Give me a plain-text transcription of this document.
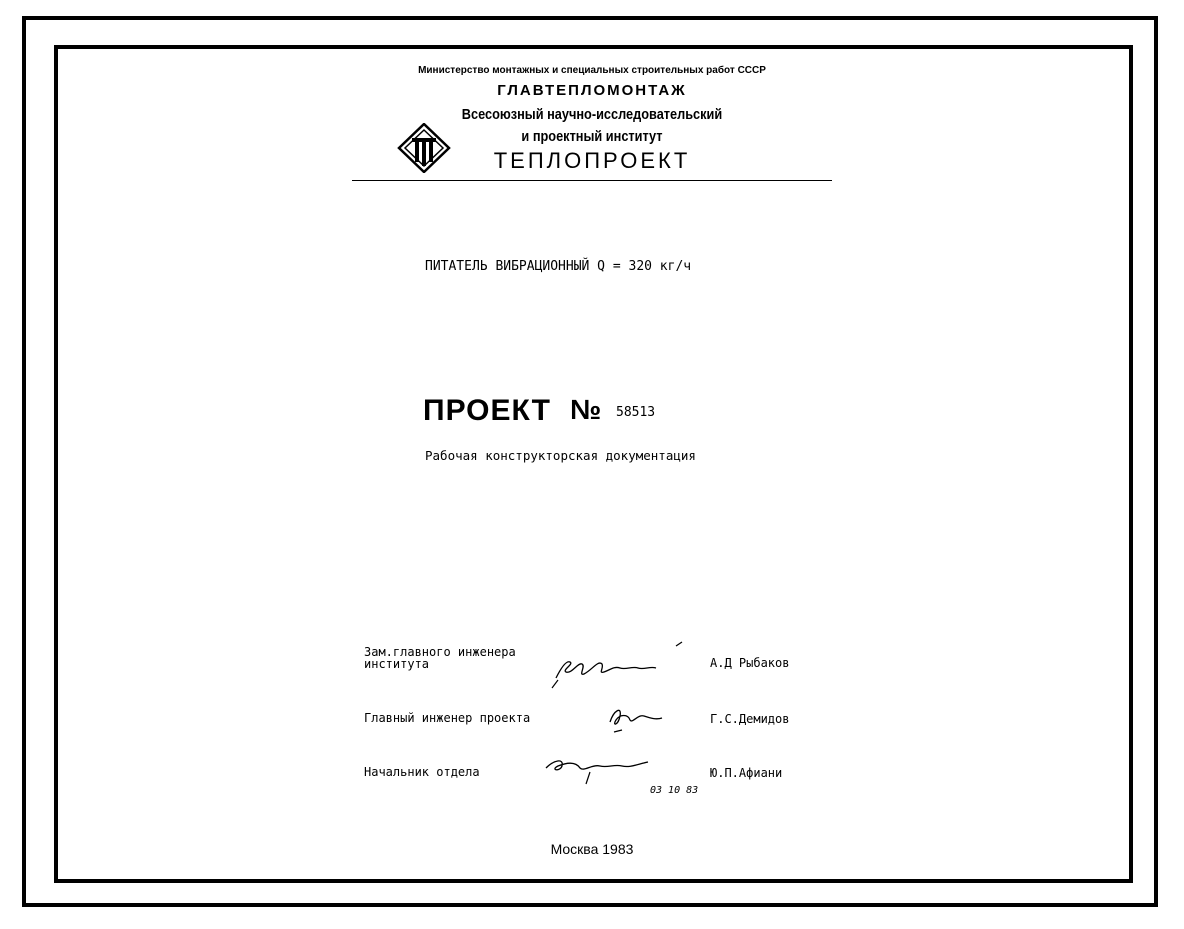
Министерство монтажных и специальных строительных работ СССР
ГЛАВТЕПЛОМОНТАЖ
Всесоюзный научно-исследовательский
и проектный институт
ТЕПЛОПРОЕКТ
ПИТАТЕЛЬ ВИБРАЦИОННЫЙ Q = 320 кг/ч
ПРОЕКТ № 58513
Рабочая конструкторская документация
Зам.главного инженера
института	А.Д Рыбаков
Главный инженер проекта	Г.С.Демидов
Начальник отдела
03 10 83
Ю.П.Афиани
Москва 1983
